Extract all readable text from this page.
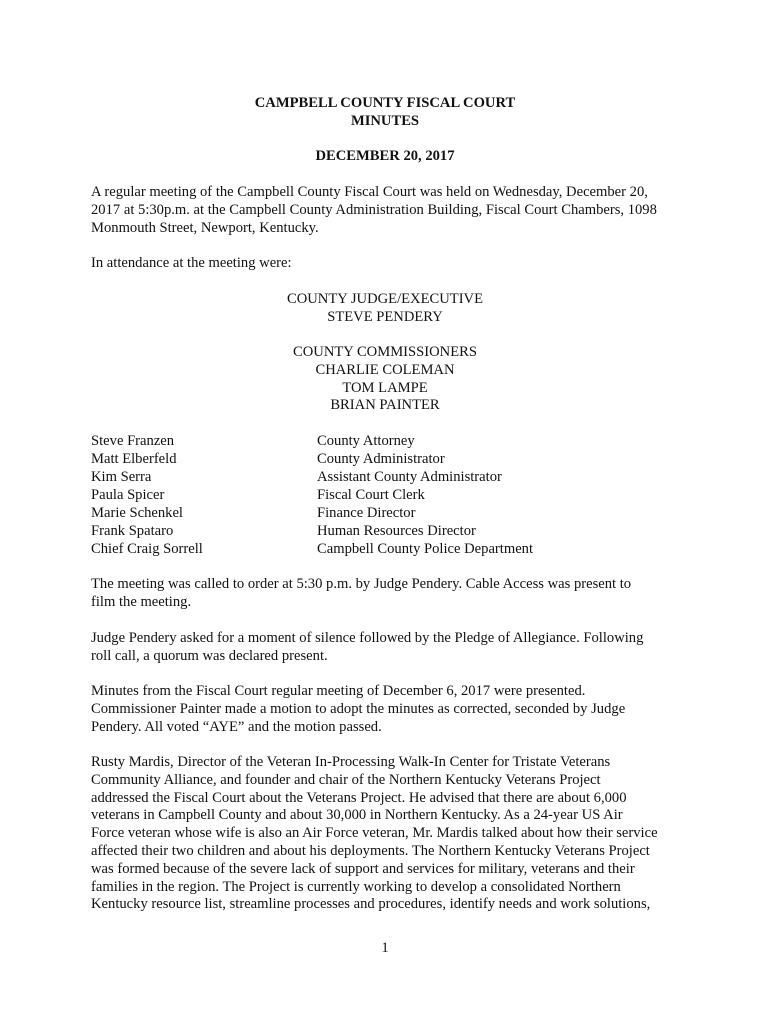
CAMPBELL COUNTY FISCAL COURT
MINUTES
DECEMBER 20, 2017
A regular meeting of the Campbell County Fiscal Court was held on Wednesday, December 20,
2017 at 5:30p.m. at the Campbell County Administration Building, Fiscal Court Chambers, 1098
Monmouth Street, Newport, Kentucky.
In attendance at the meeting were:
COUNTY JUDGE/EXECUTIVE
STEVE PENDERY
COUNTY COMMISSIONERS
CHARLIE COLEMAN
TOM LAMPE
BRIAN PAINTER
Steve Franzen	County Attorney
Matt Elberfeld	County Administrator
Kim Serra	Assistant County Administrator
Paula Spicer	Fiscal Court Clerk
Marie Schenkel	Finance Director
Frank Spataro	Human Resources Director
Chief Craig Sorrell	Campbell County Police Department
The meeting was called to order at 5:30 p.m. by Judge Pendery. Cable Access was present to
film the meeting.
Judge Pendery asked for a moment of silence followed by the Pledge of Allegiance. Following
roll call, a quorum was declared present.
Minutes from the Fiscal Court regular meeting of December 6, 2017 were presented.
Commissioner Painter made a motion to adopt the minutes as corrected, seconded by Judge
Pendery. All voted “AYE” and the motion passed.
Rusty Mardis, Director of the Veteran In-Processing Walk-In Center for Tristate Veterans
Community Alliance, and founder and chair of the Northern Kentucky Veterans Project
addressed the Fiscal Court about the Veterans Project. He advised that there are about 6,000
veterans in Campbell County and about 30,000 in Northern Kentucky. As a 24-year US Air
Force veteran whose wife is also an Air Force veteran, Mr. Mardis talked about how their service
affected their two children and about his deployments. The Northern Kentucky Veterans Project
was formed because of the severe lack of support and services for military, veterans and their
families in the region. The Project is currently working to develop a consolidated Northern
Kentucky resource list, streamline processes and procedures, identify needs and work solutions,
1
